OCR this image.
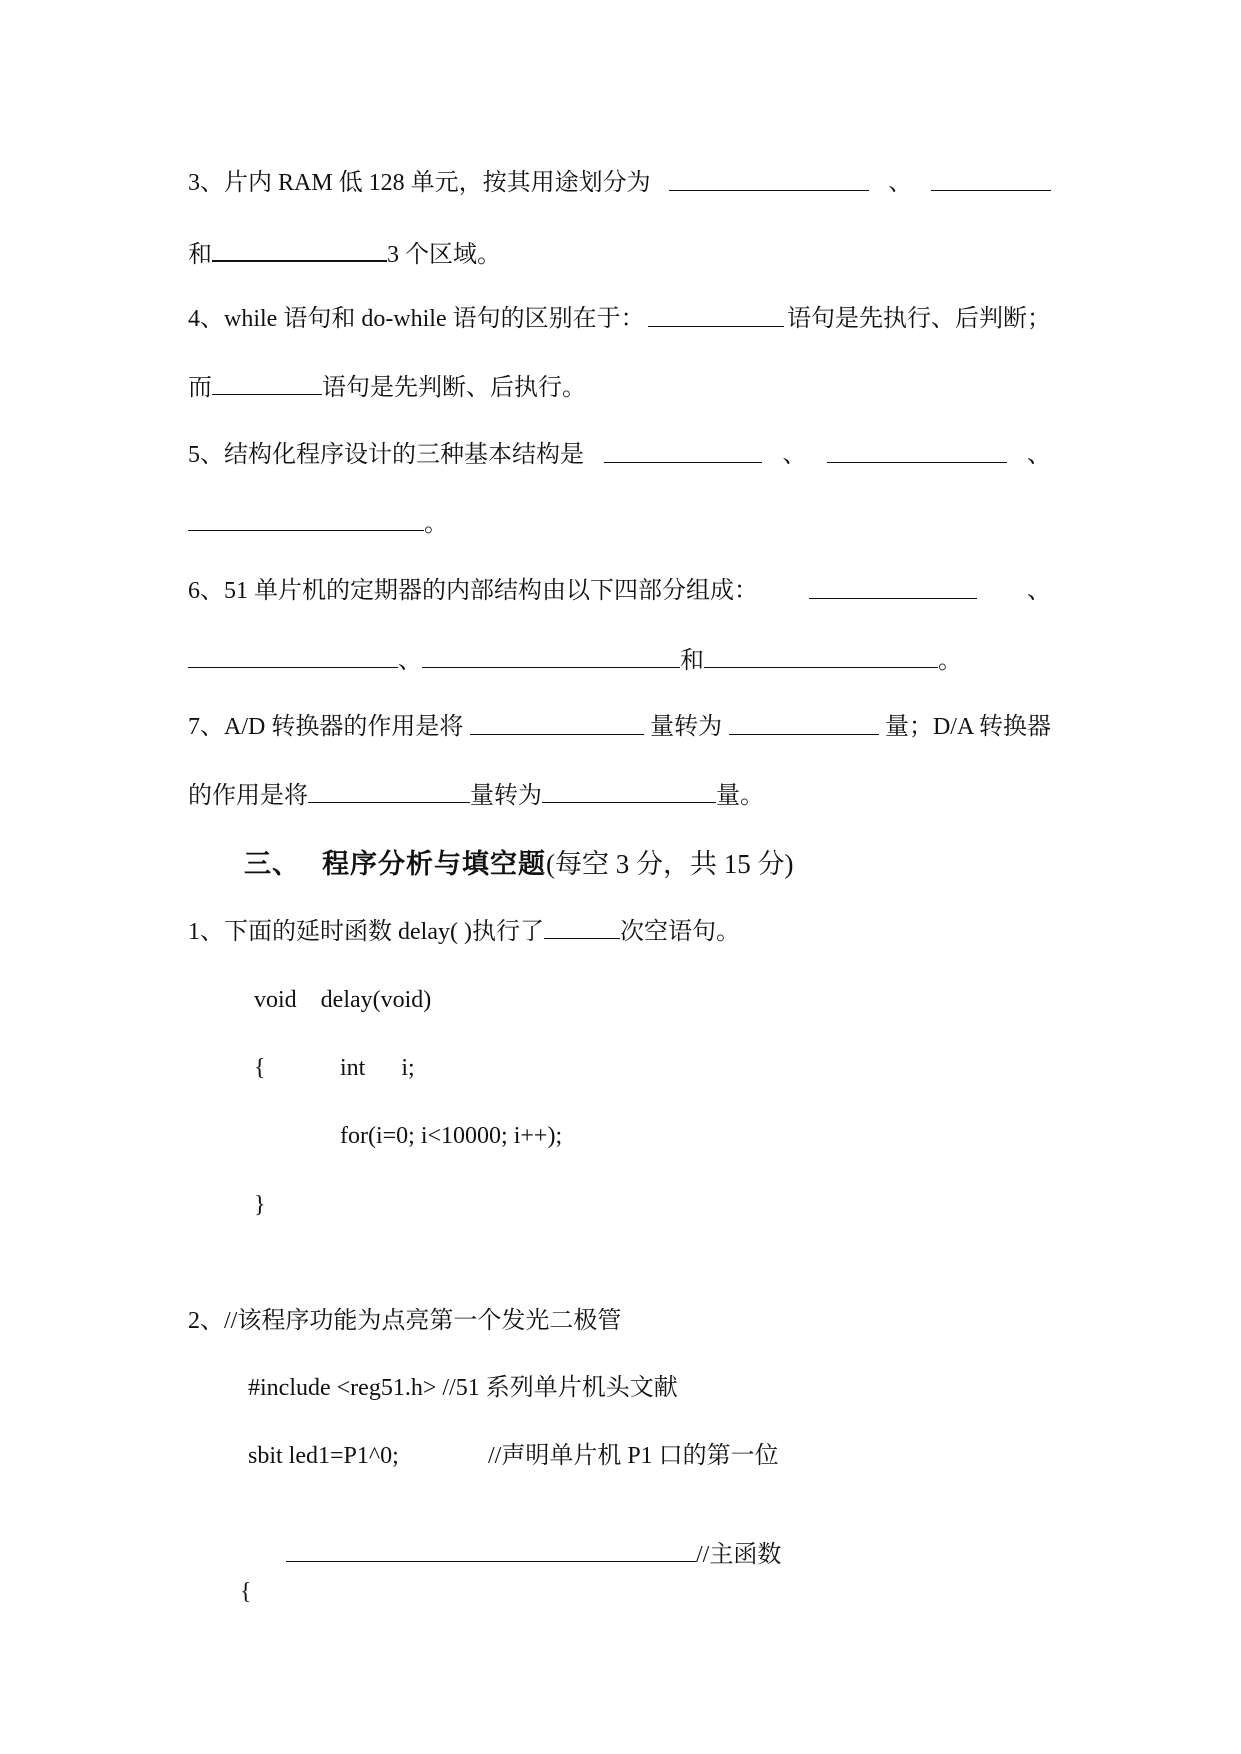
3、片内 RAM 低 128 单元，按其用途划分为	、
和	3 个区域。
4、while 语句和 do-while 语句的区别在于：	语句是先执行、后判断；
而	语句是先判断、后执行。
5、结构化程序设计的三种基本结构是	、	、
。
6、51 单片机的定期器的内部结构由以下四部分组成：	、
、	和	。
7、A/D 转换器的作用是将	量转为	量；D/A 转换器
的作用是将	量转为	量。
三、 程序分析与填空题(每空 3 分，共 15 分)
1、下面的延时函数 delay( )执行了	次空语句。
void    delay(void)
{	int      i;
for(i=0; i<10000; i++);
}
2、//该程序功能为点亮第一个发光二极管
#include <reg51.h> //51 系列单片机头文献
sbit led1=P1^0;	//声明单片机 P1 口的第一位

//主函数

{
